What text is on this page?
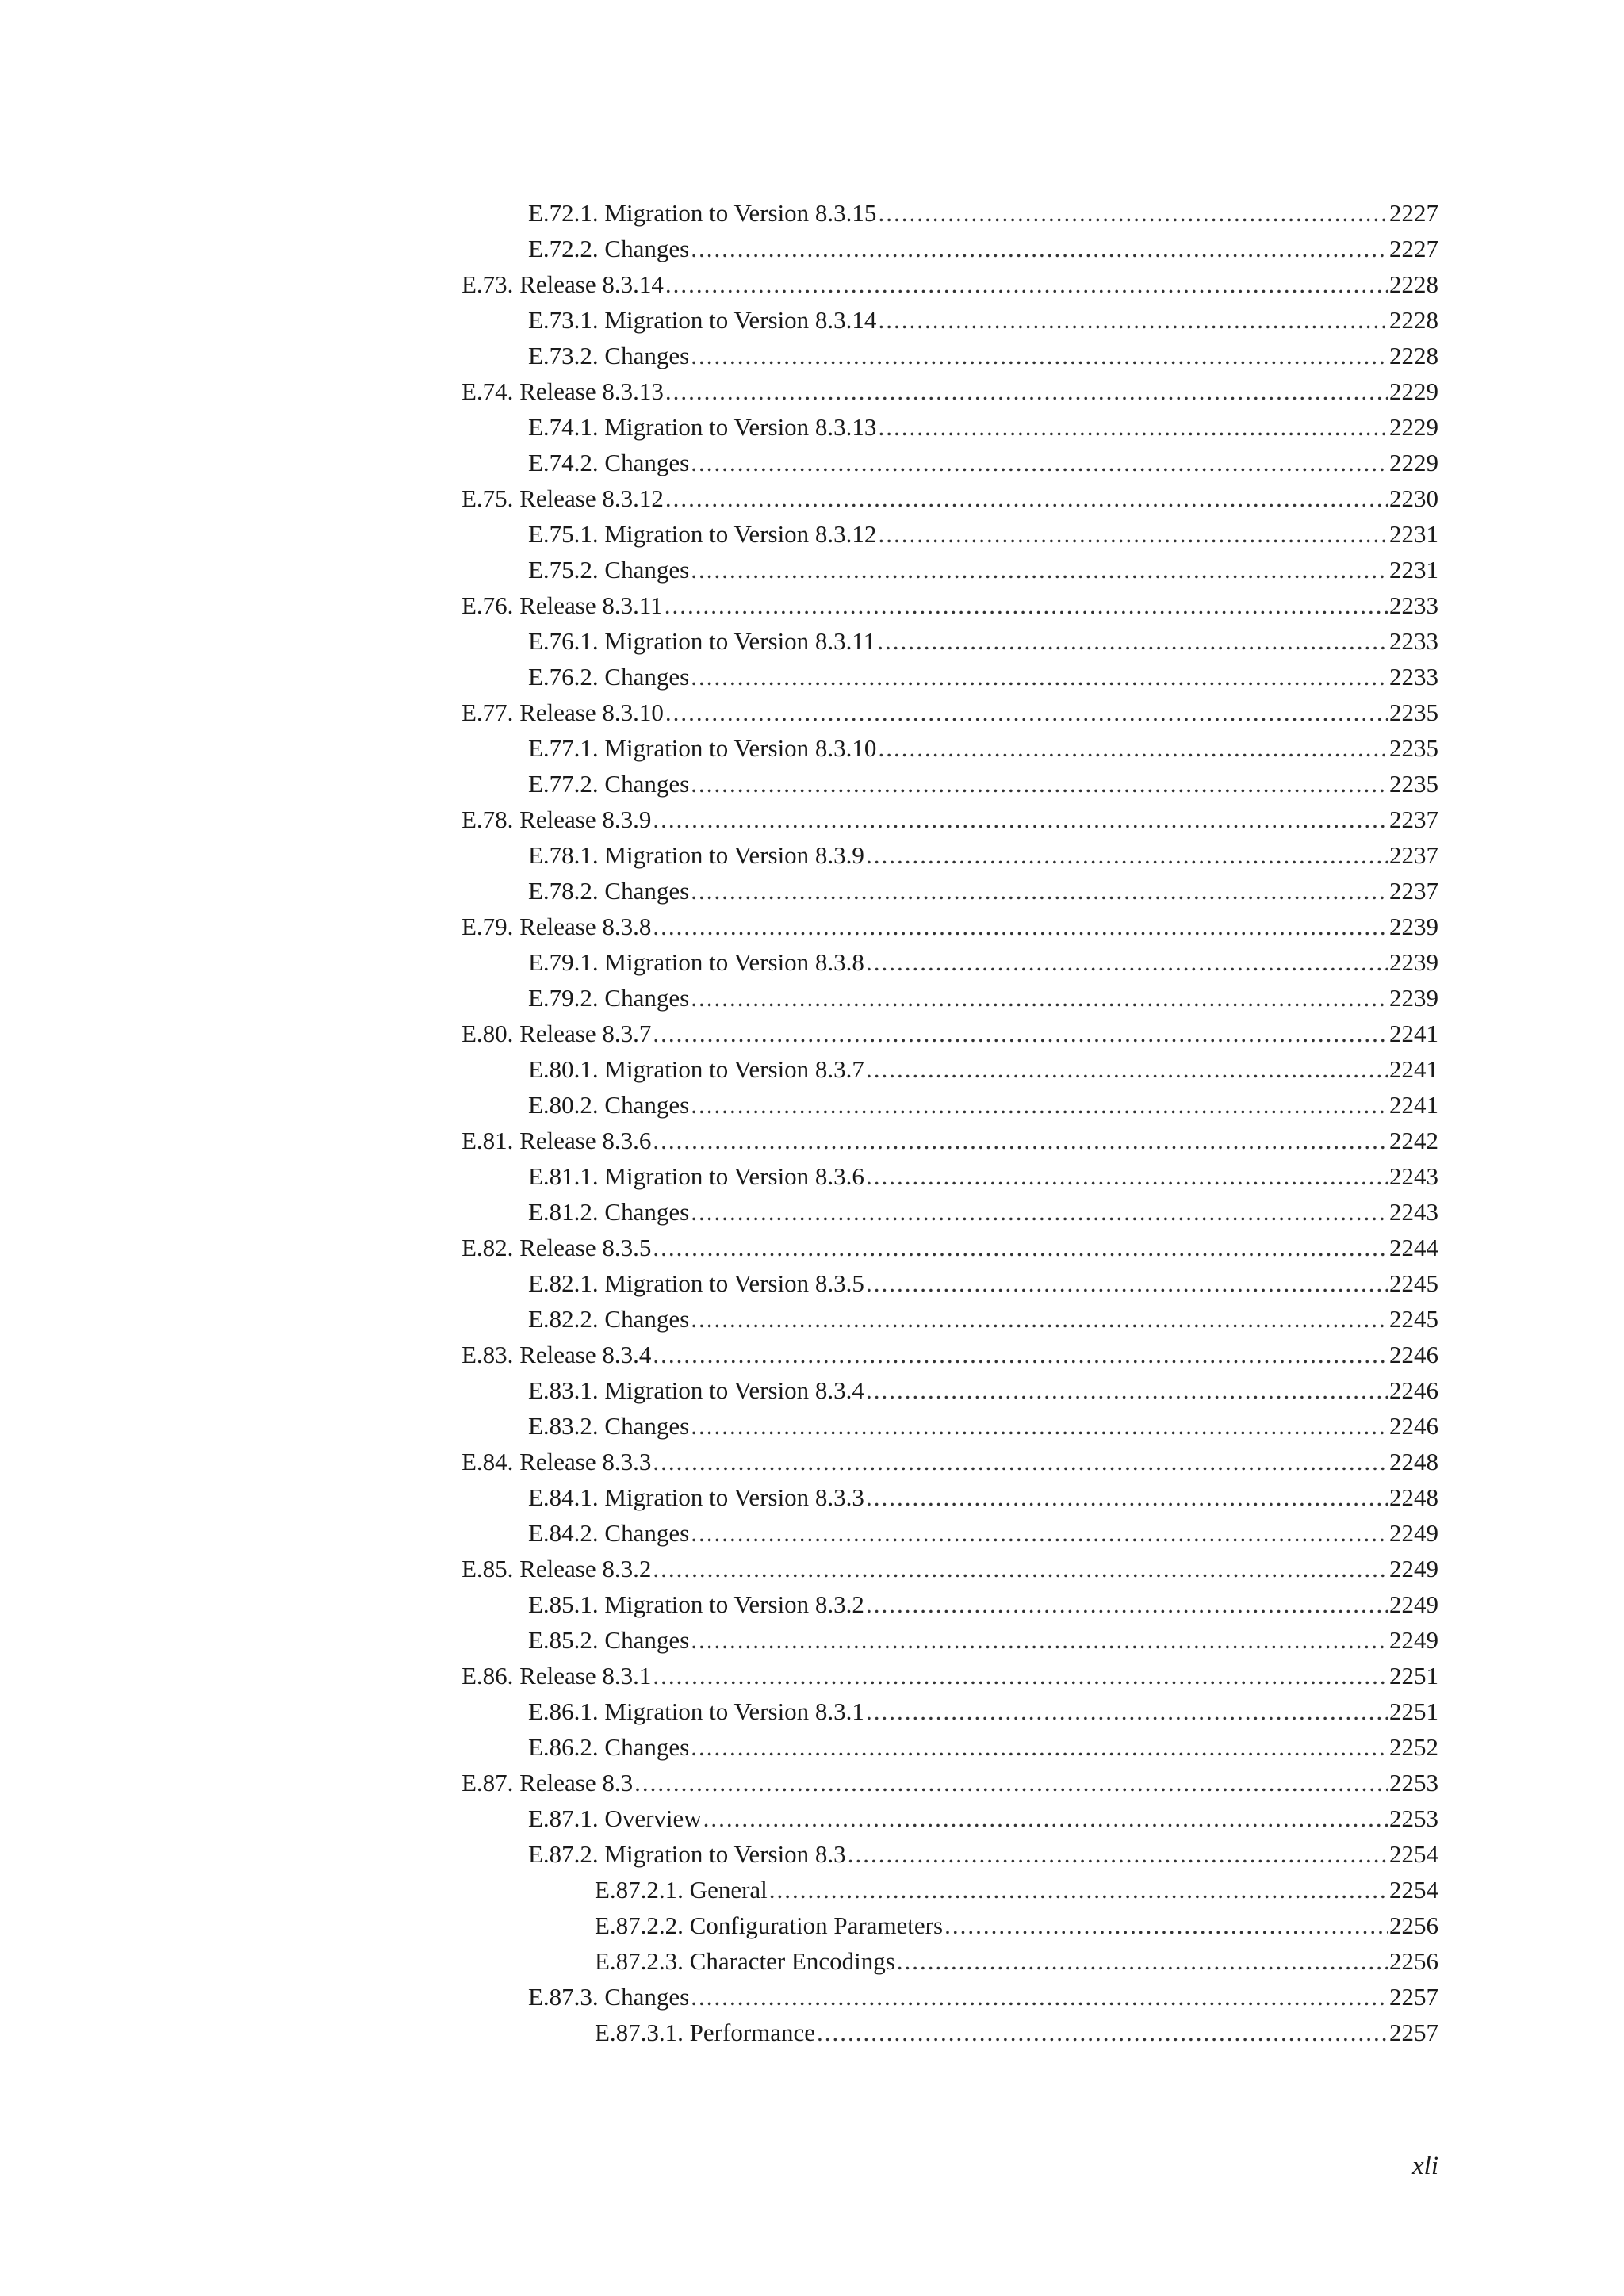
E.72.1. Migration to Version 8.3.15 .....	2227
E.72.2. Changes .....	2227
E.73. Release 8.3.14 .....	2228
E.73.1. Migration to Version 8.3.14 .....	2228
E.73.2. Changes .....	2228
E.74. Release 8.3.13 .....	2229
E.74.1. Migration to Version 8.3.13 .....	2229
E.74.2. Changes .....	2229
E.75. Release 8.3.12 .....	2230
E.75.1. Migration to Version 8.3.12 .....	2231
E.75.2. Changes .....	2231
E.76. Release 8.3.11 .....	2233
E.76.1. Migration to Version 8.3.11 .....	2233
E.76.2. Changes .....	2233
E.77. Release 8.3.10 .....	2235
E.77.1. Migration to Version 8.3.10 .....	2235
E.77.2. Changes .....	2235
E.78. Release 8.3.9 .....	2237
E.78.1. Migration to Version 8.3.9 .....	2237
E.78.2. Changes .....	2237
E.79. Release 8.3.8 .....	2239
E.79.1. Migration to Version 8.3.8 .....	2239
E.79.2. Changes .....	2239
E.80. Release 8.3.7 .....	2241
E.80.1. Migration to Version 8.3.7 .....	2241
E.80.2. Changes .....	2241
E.81. Release 8.3.6 .....	2242
E.81.1. Migration to Version 8.3.6 .....	2243
E.81.2. Changes .....	2243
E.82. Release 8.3.5 .....	2244
E.82.1. Migration to Version 8.3.5 .....	2245
E.82.2. Changes .....	2245
E.83. Release 8.3.4 .....	2246
E.83.1. Migration to Version 8.3.4 .....	2246
E.83.2. Changes .....	2246
E.84. Release 8.3.3 .....	2248
E.84.1. Migration to Version 8.3.3 .....	2248
E.84.2. Changes .....	2249
E.85. Release 8.3.2 .....	2249
E.85.1. Migration to Version 8.3.2 .....	2249
E.85.2. Changes .....	2249
E.86. Release 8.3.1 .....	2251
E.86.1. Migration to Version 8.3.1 .....	2251
E.86.2. Changes .....	2252
E.87. Release 8.3 .....	2253
E.87.1. Overview .....	2253
E.87.2. Migration to Version 8.3 .....	2254
E.87.2.1. General .....	2254
E.87.2.2. Configuration Parameters .....	2256
E.87.2.3. Character Encodings .....	2256
E.87.3. Changes .....	2257
E.87.3.1. Performance .....	2257
xli
